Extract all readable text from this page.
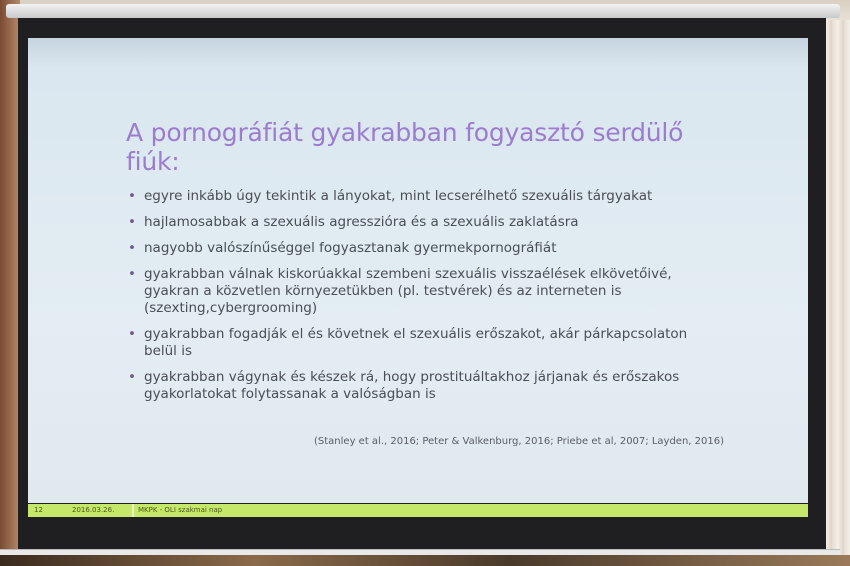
A pornográfiát gyakrabban fogyasztó serdülő fiúk:
• egyre inkább úgy tekintik a lányokat, mint lecserélhető szexuális tárgyakat
• hajlamosabbak a szexuális agresszióra és a szexuális zaklatásra
• nagyobb valószínűséggel fogyasztanak gyermekpornográfiát
• gyakrabban válnak kiskorúakkal szembeni szexuális visszaélések elkövetőivé, gyakran a közvetlen környezetükben (pl. testvérek) és az interneten is (szexting,cybergrooming)
• gyakrabban fogadják el és követnek el szexuális erőszakot, akár párkapcsolaton belül is
• gyakrabban vágynak és készek rá, hogy prostituáltakhoz járjanak és erőszakos gyakorlatokat folytassanak a valóságban is
(Stanley et al., 2016; Peter & Valkenburg, 2016; Priebe et al, 2007; Layden, 2016)
12	2016.03.26.	MKPK - OLI szakmai nap
